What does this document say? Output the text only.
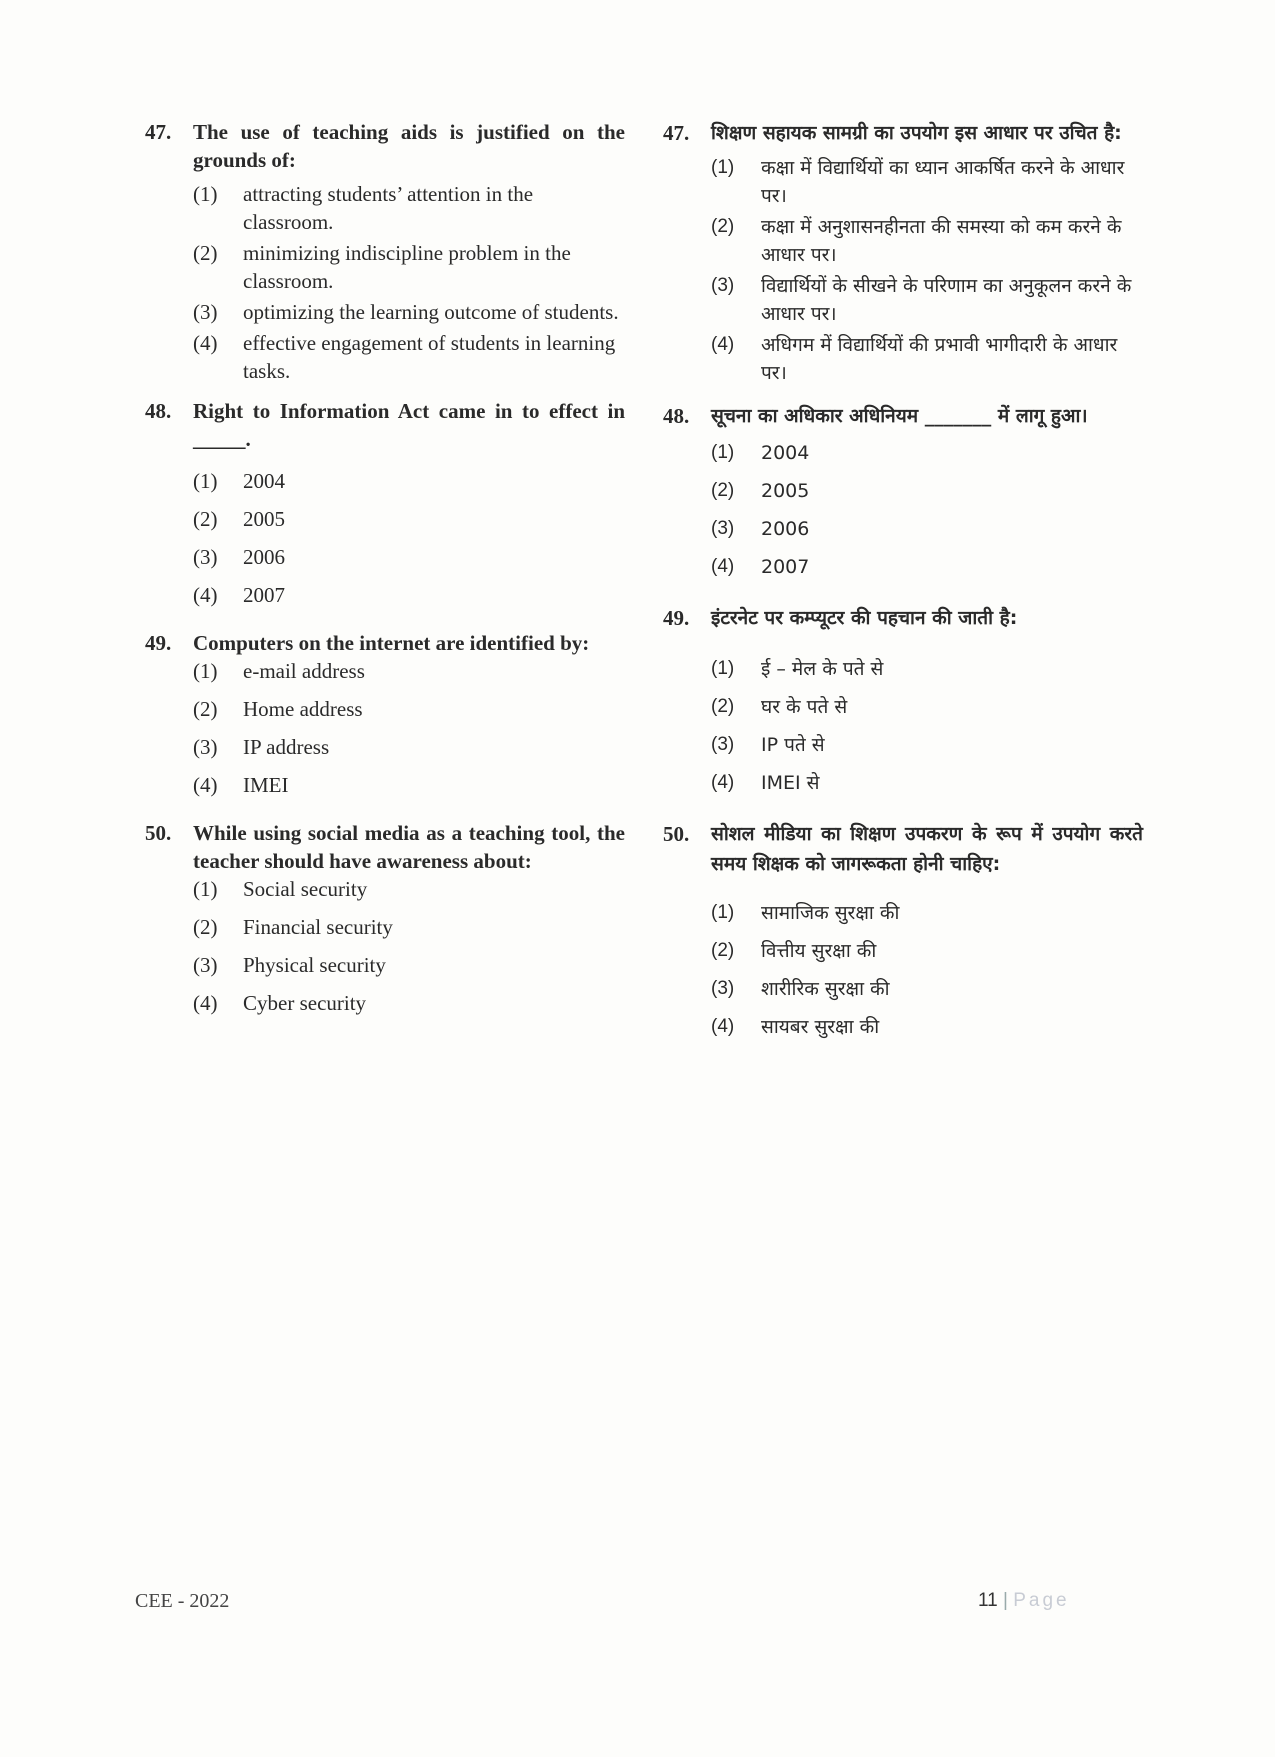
47.	The use of teaching aids is justified on the grounds of:
(1)	attracting students’ attention in the classroom.
(2)	minimizing indiscipline problem in the classroom.
(3)	optimizing the learning outcome of students.
(4)	effective engagement of students in learning tasks.
48.	Right to Information Act came in to effect in _____.
(1)	2004
(2)	2005
(3)	2006
(4)	2007
49.	Computers on the internet are identified by:
(1)	e-mail address
(2)	Home address
(3)	IP address
(4)	IMEI
50.	While using social media as a teaching tool, the teacher should have awareness about:
(1)	Social security
(2)	Financial security
(3)	Physical security
(4)	Cyber security
47.	शिक्षण सहायक सामग्री का उपयोग इस आधार पर उचित है:
(1)	कक्षा में विद्यार्थियों का ध्यान आकर्षित करने के आधार पर।
(2)	कक्षा में अनुशासनहीनता की समस्या को कम करने के आधार पर।
(3)	विद्यार्थियों के सीखने के परिणाम का अनुकूलन करने के आधार पर।
(4)	अधिगम में विद्यार्थियों की प्रभावी भागीदारी के आधार पर।
48.	सूचना का अधिकार अधिनियम _______ में लागू हुआ।
(1)	2004
(2)	2005
(3)	2006
(4)	2007
49.	इंटरनेट पर कम्प्यूटर की पहचान की जाती है:
(1)	ई – मेल के पते से
(2)	घर के पते से
(3)	IP पते से
(4)	IMEI से
50.	सोशल मीडिया का शिक्षण उपकरण के रूप में उपयोग करते समय शिक्षक को जागरूकता होनी चाहिए:
(1)	सामाजिक सुरक्षा की
(2)	वित्तीय सुरक्षा की
(3)	शारीरिक सुरक्षा की
(4)	सायबर सुरक्षा की
CEE - 2022	11 | Page
